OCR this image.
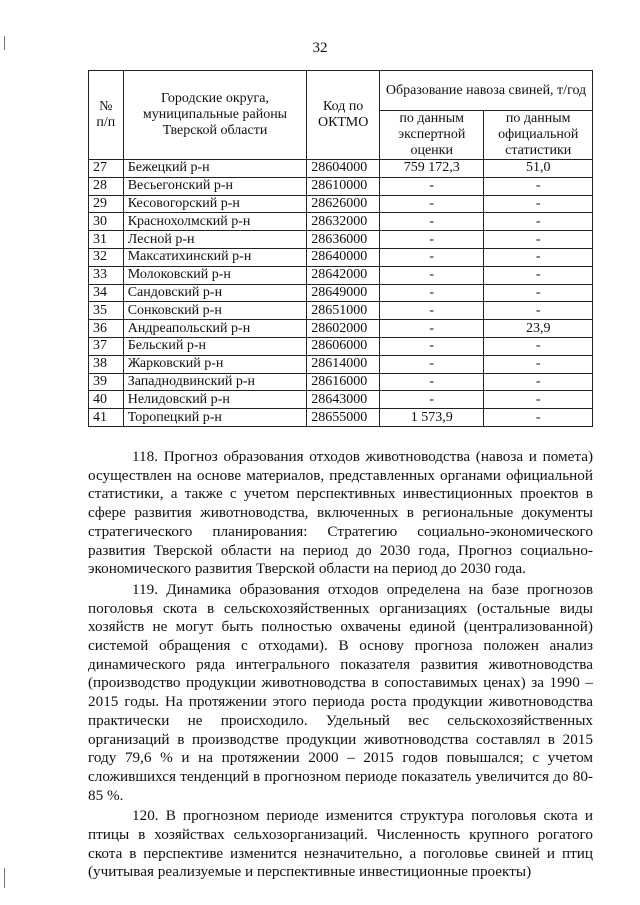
32
№ п/п	Городские округа, муниципальные районы Тверской области	Код по ОКТМО	Образование навоза свиней, т/год	
			по данным экспертной оценки	по данным официальной статистики
27	Бежецкий р-н	28604000	759 172,3	51,0
28	Весьегонский р-н	28610000	-	-
29	Кесовогорский р-н	28626000	-	-
30	Краснохолмский р-н	28632000	-	-
31	Лесной р-н	28636000	-	-
32	Максатихинский р-н	28640000	-	-
33	Молоковский р-н	28642000	-	-
34	Сандовский р-н	28649000	-	-
35	Сонковский р-н	28651000	-	-
36	Андреапольский р-н	28602000	-	23,9
37	Бельский р-н	28606000	-	-
38	Жарковский р-н	28614000	-	-
39	Западнодвинский р-н	28616000	-	-
40	Нелидовский р-н	28643000	-	-
41	Торопецкий р-н	28655000	1 573,9	-

118. Прогноз образования отходов животноводства (навоза и помета) осуществлен на основе материалов, представленных органами официальной статистики, а также с учетом перспективных инвестиционных проектов в сфере развития животноводства, включенных в региональные документы стратегического планирования: Стратегию социально-экономического развития Тверской области на период до 2030 года, Прогноз социально-экономического развития Тверской области на период до 2030 года.

119. Динамика образования отходов определена на базе прогнозов поголовья скота в сельскохозяйственных организациях (остальные виды хозяйств не могут быть полностью охвачены единой (централизованной) системой обращения с отходами). В основу прогноза положен анализ динамического ряда интегрального показателя развития животноводства (производство продукции животноводства в сопоставимых ценах) за 1990 – 2015 годы. На протяжении этого периода роста продукции животноводства практически не происходило. Удельный вес сельскохозяйственных организаций в производстве продукции животноводства составлял в 2015 году 79,6 % и на протяжении 2000 – 2015 годов повышался; с учетом сложившихся тенденций в прогнозном периоде показатель увеличится до 80-85 %.

120. В прогнозном периоде изменится структура поголовья скота и птицы в хозяйствах сельхозорганизаций. Численность крупного рогатого скота в перспективе изменится незначительно, а поголовье свиней и птиц (учитывая реализуемые и перспективные инвестиционные проекты)
